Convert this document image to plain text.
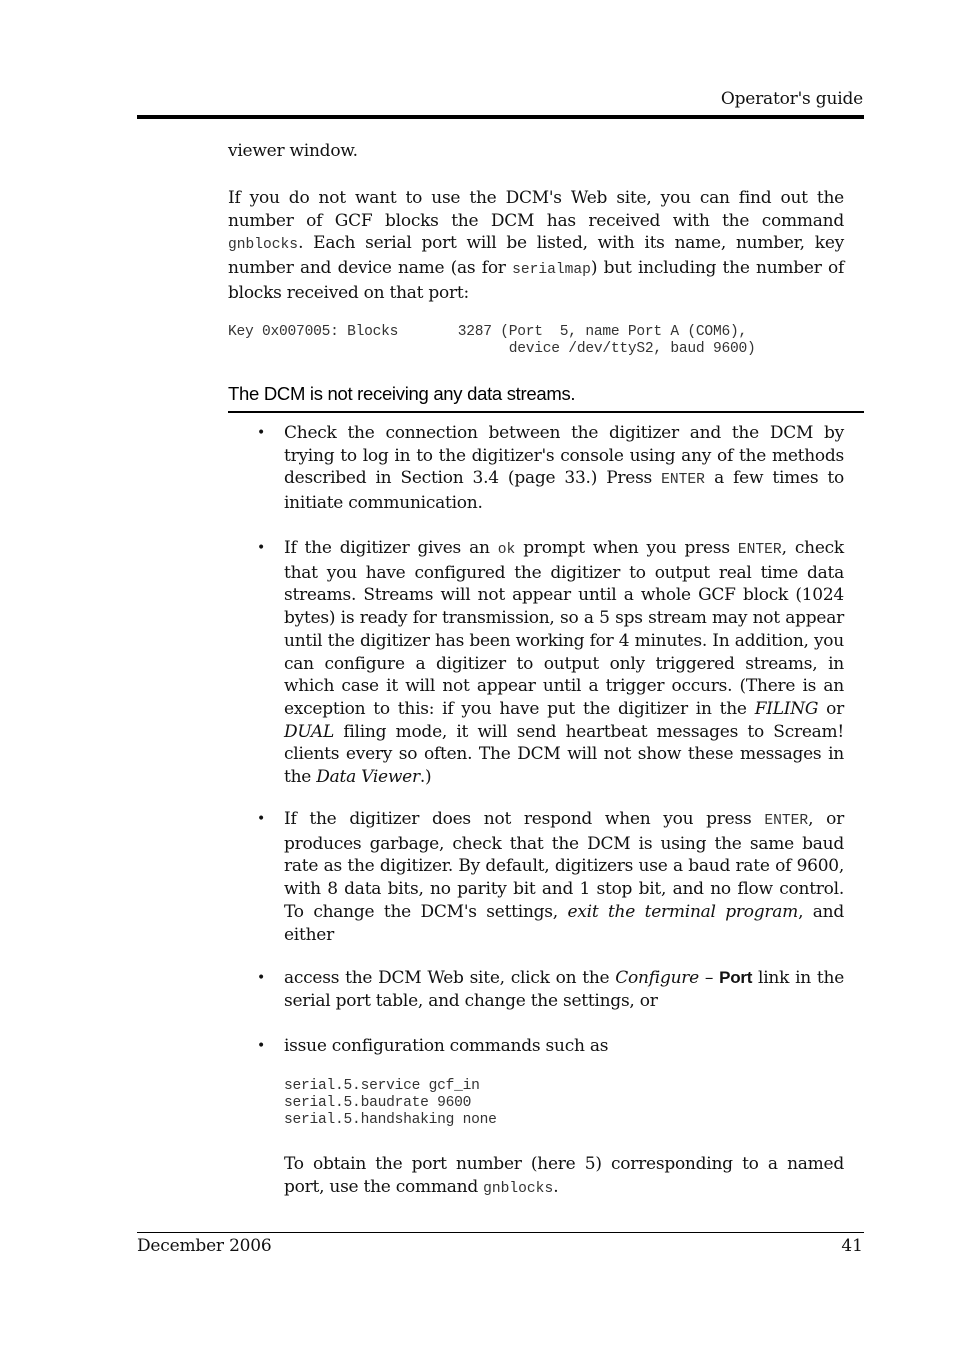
Operator's guide

viewer window.

If you do not want to use the DCM's Web site, you can find out the number of GCF blocks the DCM has received with the command gnblocks. Each serial port will be listed, with its name, number, key number and device name (as for serialmap) but including the number of blocks received on that port:

Key 0x007005: Blocks       3287 (Port  5, name Port A (COM6),
device /dev/ttyS2, baud 9600)
The DCM is not receiving any data streams.
• Check the connection between the digitizer and the DCM by trying to log in to the digitizer's console using any of the methods described in Section 3.4 (page 33.) Press ENTER a few times to initiate communication.
• If the digitizer gives an ok prompt when you press ENTER, check that you have configured the digitizer to output real time data streams. Streams will not appear until a whole GCF block (1024 bytes) is ready for transmission, so a 5 sps stream may not appear until the digitizer has been working for 4 minutes. In addition, you can configure a digitizer to output only triggered streams, in which case it will not appear until a trigger occurs. (There is an exception to this: if you have put the digitizer in the FILING or DUAL filing mode, it will send heartbeat messages to Scream! clients every so often. The DCM will not show these messages in the Data Viewer.)
• If the digitizer does not respond when you press ENTER, or produces garbage, check that the DCM is using the same baud rate as the digitizer. By default, digitizers use a baud rate of 9600, with 8 data bits, no parity bit and 1 stop bit, and no flow control. To change the DCM's settings, exit the terminal program, and either
• access the DCM Web site, click on the Configure – Port link in the serial port table, and change the settings, or
• issue configuration commands such as
serial.5.service gcf_in
serial.5.baudrate 9600
serial.5.handshaking none
To obtain the port number (here 5) corresponding to a named port, use the command gnblocks.
December 2006	41
